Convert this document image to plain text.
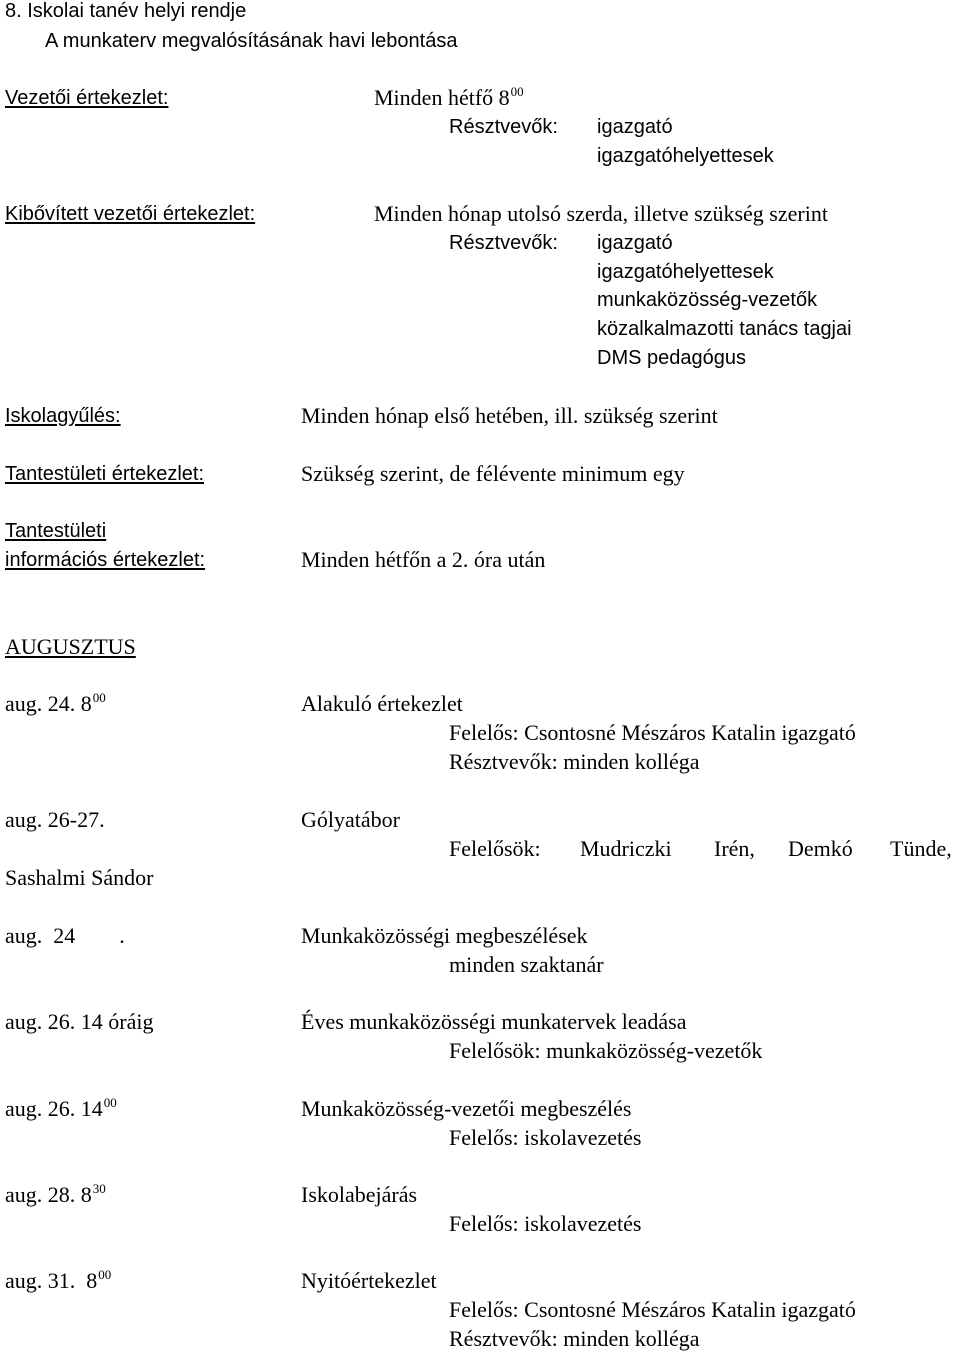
8. Iskolai tanév helyi rendje
A munkaterv megvalósításának havi lebontása
Vezetői értekezlet:	Minden hétfő $8^{00}$
Résztvevők: igazgató
igazgatóhelyettesek
Kibővített vezetői értekezlet:	Minden hónap utolsó szerda, illetve szükség szerint
Résztvevők: igazgató
igazgatóhelyettesek
munkaközösség-vezetők
közalkalmazotti tanács tagjai
DMS pedagógus
Iskolagyűlés:	Minden hónap első hetében, ill. szükség szerint
Tantestületi értekezlet:	Szükség szerint, de félévente minimum egy
Tantestületi
információs értekezlet:	Minden hétfőn a 2. óra után
AUGUSZTUS
aug. 24. $8^{00}$	Alakuló értekezlet
Felelős: Csontosné Mészáros Katalin igazgató
Résztvevők: minden kolléga
aug. 26-27.	Gólyatábor
Felelősök: Mudriczki Irén, Demkó Tünde,
Sashalmi Sándor
aug.  24        .	Munkaközösségi megbeszélések
minden szaktanár
aug. 26. 14 óráig	Éves munkaközösségi munkatervek leadása
Felelősök: munkaközösség-vezetők
aug. 26. $14^{00}$	Munkaközösség-vezetői megbeszélés
Felelős: iskolavezetés
aug. 28. $8^{30}$	Iskolabejárás
Felelős: iskolavezetés
aug. 31.  $8^{00}$	Nyitóértekezlet
Felelős: Csontosné Mészáros Katalin igazgató
Résztvevők: minden kolléga
